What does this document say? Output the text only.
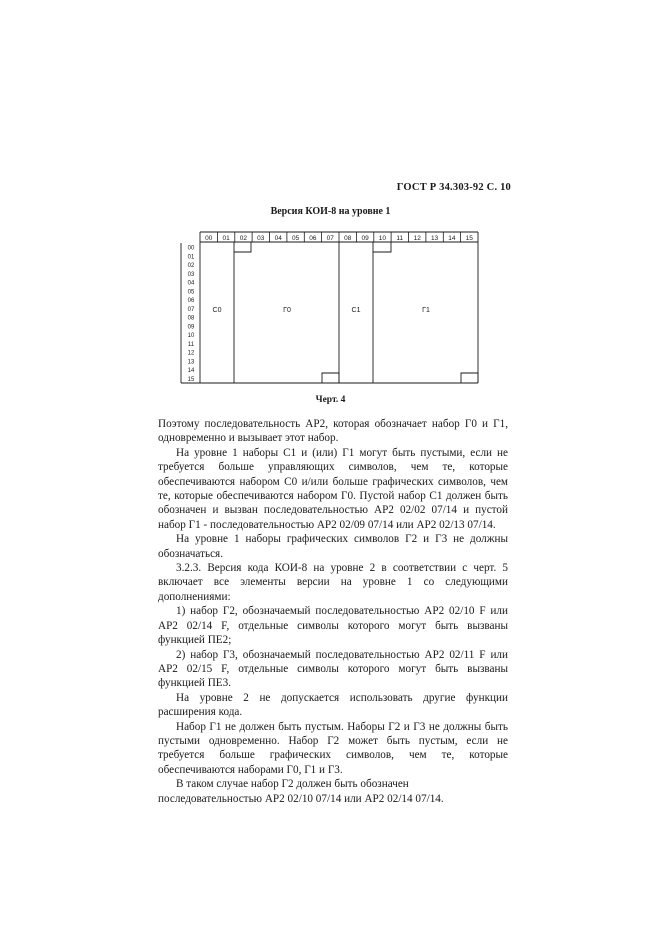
ГОСТ Р 34.303-92 С. 10
Версия КОИ-8 на уровне 1
00 01 02 03 04 05 06 07 08 09 10 11 12 13 14 15
00
01
02
03
04
05
06
07
08
09
10
11
12
13
14
15
C0	Г0	C1	Г1
Черт. 4

Поэтому последовательность АР2, которая обозначает набор Г0 и Г1, одновременно и вызывает этот набор.

На уровне 1 наборы С1 и (или) Г1 могут быть пустыми, если не требуется больше управляющих символов, чем те, которые обеспечиваются набором С0 и/или больше графических символов, чем те, которые обеспечиваются набором Г0. Пустой набор С1 должен быть обозначен и вызван последовательностью АР2 02/02 07/14 и пустой набор Г1 - последовательностью АР2 02/09 07/14 или АР2 02/13 07/14.

На уровне 1 наборы графических символов Г2 и Г3 не должны обозначаться.

3.2.3. Версия кода КОИ-8 на уровне 2 в соответствии с черт. 5 включает все элементы версии на уровне 1 со следующими дополнениями:

1) набор Г2, обозначаемый последовательностью АР2 02/10 F или АР2 02/14 F, отдельные символы которого могут быть вызваны функцией ПЕ2;

2) набор Г3, обозначаемый последовательностью АР2 02/11 F или АР2 02/15 F, отдельные символы которого могут быть вызваны функцией ПЕ3.

На уровне 2 не допускается использовать другие функции расширения кода.

Набор Г1 не должен быть пустым. Наборы Г2 и Г3 не должны быть пустыми одновременно. Набор Г2 может быть пустым, если не требуется больше графических символов, чем те, которые обеспечиваются наборами Г0, Г1 и Г3.

В таком случае набор Г2 должен быть обозначен последовательностью АР2 02/10 07/14 или АР2 02/14 07/14.
